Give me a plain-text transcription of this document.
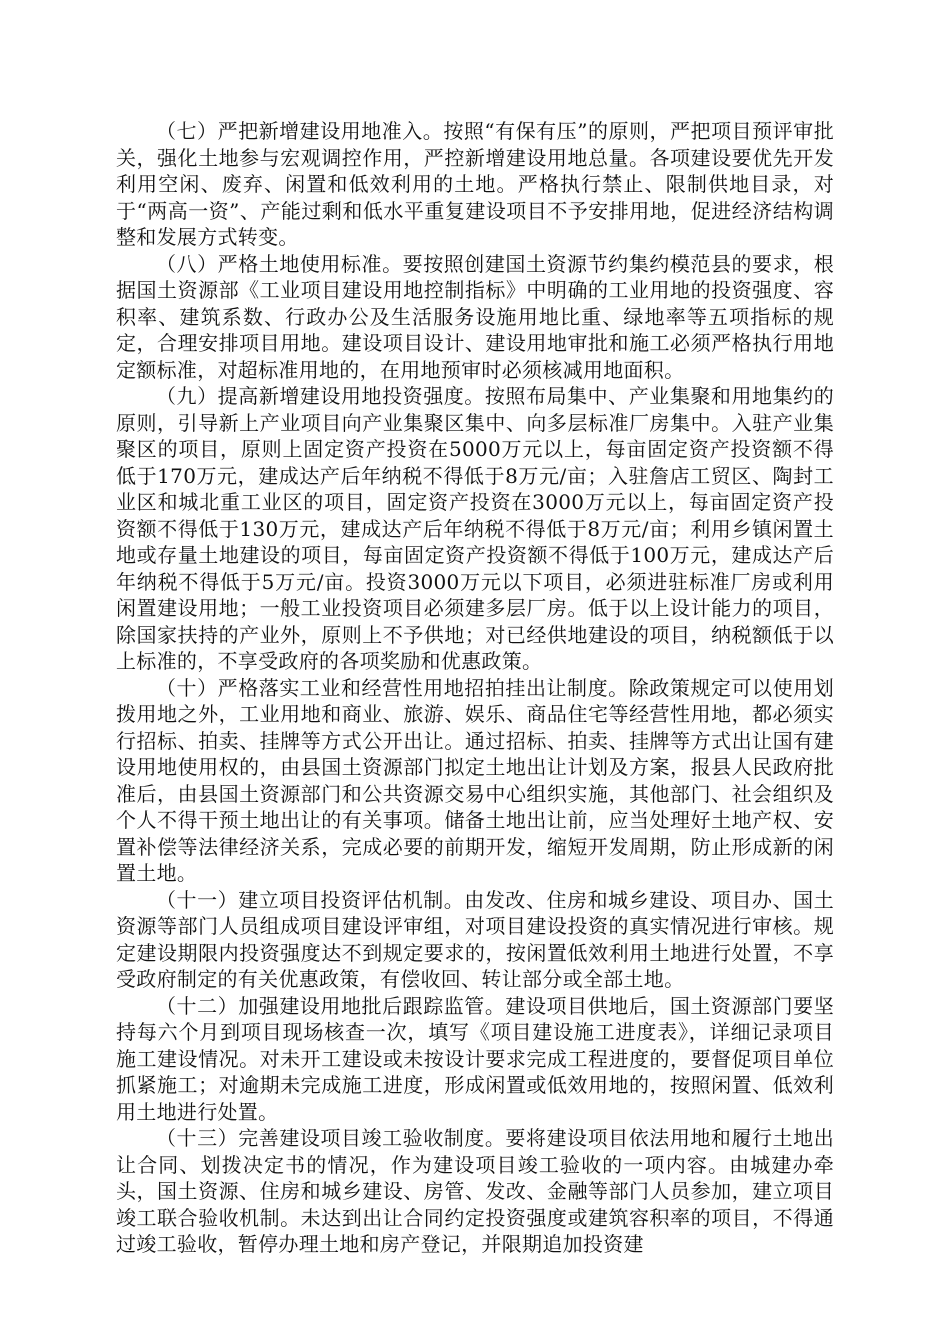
（七）严把新增建设用地准入。按照“有保有压”的原则，严把项目预评审批关，强化土地参与宏观调控作用，严控新增建设用地总量。各项建设要优先开发利用空闲、废弃、闲置和低效利用的土地。严格执行禁止、限制供地目录，对于“两高一资”、产能过剩和低水平重复建设项目不予安排用地，促进经济结构调整和发展方式转变。

（八）严格土地使用标准。要按照创建国土资源节约集约模范县的要求，根据国土资源部《工业项目建设用地控制指标》中明确的工业用地的投资强度、容积率、建筑系数、行政办公及生活服务设施用地比重、绿地率等五项指标的规定，合理安排项目用地。建设项目设计、建设用地审批和施工必须严格执行用地定额标准，对超标准用地的，在用地预审时必须核减用地面积。

（九）提高新增建设用地投资强度。按照布局集中、产业集聚和用地集约的原则，引导新上产业项目向产业集聚区集中、向多层标准厂房集中。入驻产业集聚区的项目，原则上固定资产投资在5000万元以上，每亩固定资产投资额不得低于170万元，建成达产后年纳税不得低于8万元/亩；入驻詹店工贸区、陶封工业区和城北重工业区的项目，固定资产投资在3000万元以上，每亩固定资产投资额不得低于130万元，建成达产后年纳税不得低于8万元/亩；利用乡镇闲置土地或存量土地建设的项目，每亩固定资产投资额不得低于100万元，建成达产后年纳税不得低于5万元/亩。投资3000万元以下项目，必须进驻标准厂房或利用闲置建设用地；一般工业投资项目必须建多层厂房。低于以上设计能力的项目，除国家扶持的产业外，原则上不予供地；对已经供地建设的项目，纳税额低于以上标准的，不享受政府的各项奖励和优惠政策。

（十）严格落实工业和经营性用地招拍挂出让制度。除政策规定可以使用划拨用地之外，工业用地和商业、旅游、娱乐、商品住宅等经营性用地，都必须实行招标、拍卖、挂牌等方式公开出让。通过招标、拍卖、挂牌等方式出让国有建设用地使用权的，由县国土资源部门拟定土地出让计划及方案，报县人民政府批准后，由县国土资源部门和公共资源交易中心组织实施，其他部门、社会组织及个人不得干预土地出让的有关事项。储备土地出让前，应当处理好土地产权、安置补偿等法律经济关系，完成必要的前期开发，缩短开发周期，防止形成新的闲置土地。

（十一）建立项目投资评估机制。由发改、住房和城乡建设、项目办、国土资源等部门人员组成项目建设评审组，对项目建设投资的真实情况进行审核。规定建设期限内投资强度达不到规定要求的，按闲置低效利用土地进行处置，不享受政府制定的有关优惠政策，有偿收回、转让部分或全部土地。

（十二）加强建设用地批后跟踪监管。建设项目供地后，国土资源部门要坚持每六个月到项目现场核查一次，填写《项目建设施工进度表》，详细记录项目施工建设情况。对未开工建设或未按设计要求完成工程进度的，要督促项目单位抓紧施工；对逾期未完成施工进度，形成闲置或低效用地的，按照闲置、低效利用土地进行处置。

（十三）完善建设项目竣工验收制度。要将建设项目依法用地和履行土地出让合同、划拨决定书的情况，作为建设项目竣工验收的一项内容。由城建办牵头，国土资源、住房和城乡建设、房管、发改、金融等部门人员参加，建立项目竣工联合验收机制。未达到出让合同约定投资强度或建筑容积率的项目，不得通过竣工验收，暂停办理土地和房产登记，并限期追加投资建
